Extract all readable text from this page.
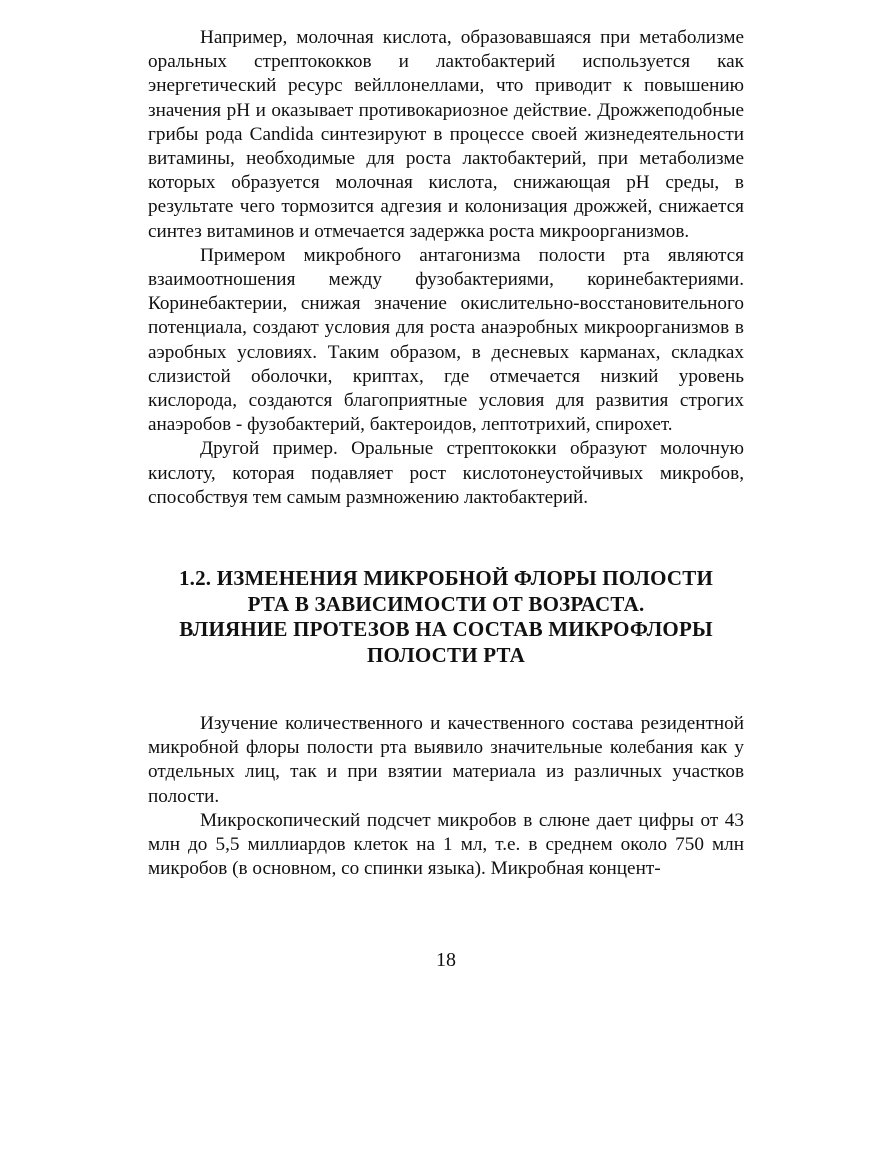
Например, молочная кислота, образовавшаяся при метаболизме оральных стрептококков и лактобактерий используется как энергетический ресурс вейллонеллами, что приводит к повышению значения рН и оказывает противокариозное действие. Дрожжеподобные грибы рода Candida синтезируют в процессе своей жизнедеятельности витамины, необходимые для роста лактобактерий, при метаболизме которых образуется молочная кислота, снижающая рН среды, в результате чего тормозится адгезия и колонизация дрожжей, снижается синтез витаминов и отмечается задержка роста микроорганизмов.

Примером микробного антагонизма полости рта являются взаимоотношения между фузобактериями, коринебактериями. Коринебактерии, снижая значение окислительно-восстановительного потенциала, создают условия для роста анаэробных микроорганизмов в аэробных условиях. Таким образом, в десневых карманах, складках слизистой оболочки, криптах, где отмечается низкий уровень кислорода, создаются благоприятные условия для развития строгих анаэробов - фузобактерий, бактероидов, лептотрихий, спирохет.

Другой пример. Оральные стрептококки образуют молочную кислоту, которая подавляет рост кислотонеустойчивых микробов, способствуя тем самым размножению лактобактерий.

1.2. ИЗМЕНЕНИЯ МИКРОБНОЙ ФЛОРЫ ПОЛОСТИ
РТА В ЗАВИСИМОСТИ ОТ ВОЗРАСТА.
ВЛИЯНИЕ ПРОТЕЗОВ НА СОСТАВ МИКРОФЛОРЫ
ПОЛОСТИ РТА

Изучение количественного и качественного состава резидентной микробной флоры полости рта выявило значительные колебания как у отдельных лиц, так и при взятии материала из различных участков полости.

Микроскопический подсчет микробов в слюне дает цифры от 43 млн до 5,5 миллиардов клеток на 1 мл, т.е. в среднем около 750 млн микробов (в основном, со спинки языка). Микробная концент-

18
